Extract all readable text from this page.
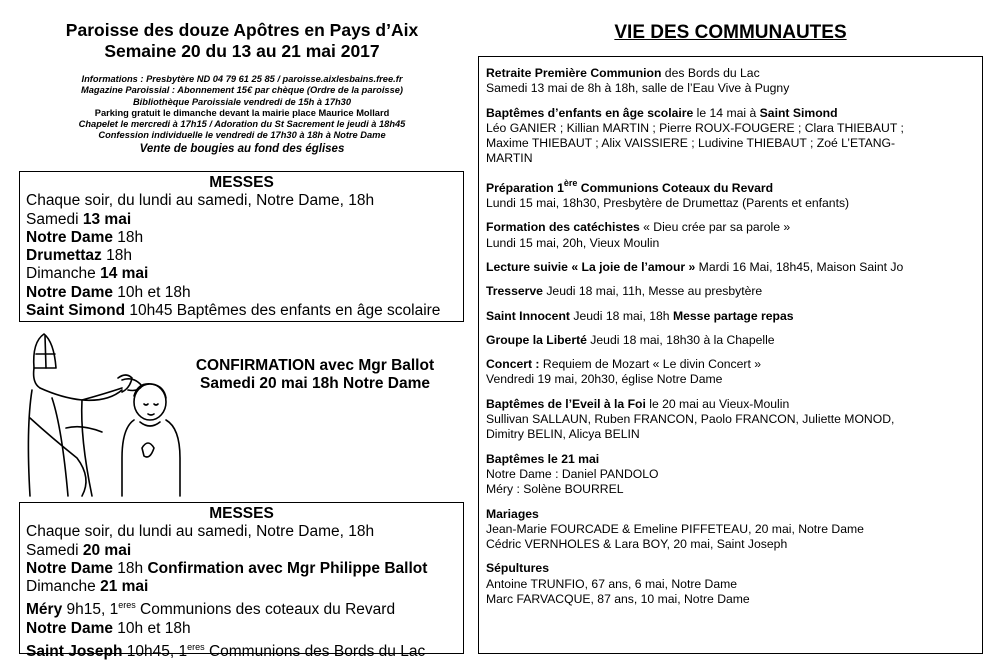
Paroisse des douze Apôtres en Pays d’Aix
Semaine 20 du 13 au 21 mai 2017
Informations : Presbytère ND 04 79 61 25 85 / paroisse.aixlesbains.free.fr
Magazine Paroissial : Abonnement 15€ par chèque (Ordre de la paroisse)
Bibliothèque Paroissiale vendredi de 15h à 17h30
Parking gratuit le dimanche devant la mairie place Maurice Mollard
Chapelet le mercredi à 17h15 / Adoration du St Sacrement le jeudi à 18h45
Confession individuelle le vendredi de 17h30 à 18h à Notre Dame
Vente de bougies au fond des églises
MESSES
Chaque soir, du lundi au samedi, Notre Dame, 18h
Samedi 13 mai
Notre Dame 18h
Drumettaz 18h
Dimanche 14 mai
Notre Dame 10h et 18h
Saint Simond 10h45 Baptêmes des enfants en âge scolaire
CONFIRMATION avec Mgr Ballot
Samedi 20 mai 18h Notre Dame
MESSES
Chaque soir, du lundi au samedi, Notre Dame, 18h
Samedi 20 mai
Notre Dame 18h Confirmation avec Mgr Philippe Ballot
Dimanche 21 mai
Méry 9h15, $1^{eres}$ Communions des coteaux du Revard
Notre Dame 10h et 18h
Saint Joseph 10h45, $1^{eres}$ Communions des Bords du Lac
VIE DES COMMUNAUTES
Retraite Première Communion des Bords du Lac
Samedi 13 mai de 8h à 18h, salle de l’Eau Vive à Pugny
Baptêmes d’enfants en âge scolaire le 14 mai à Saint Simond
Léo GANIER ; Killian MARTIN ; Pierre ROUX-FOUGERE ; Clara THIEBAUT ;
Maxime THIEBAUT ; Alix VAISSIERE ; Ludivine THIEBAUT ; Zoé L’ETANG-
MARTIN
Préparation 1ère Communions Coteaux du Revard
Lundi 15 mai, 18h30, Presbytère de Drumettaz (Parents et enfants)
Formation des catéchistes « Dieu crée par sa parole »
Lundi 15 mai, 20h, Vieux Moulin
Lecture suivie « La joie de l’amour » Mardi 16 Mai, 18h45, Maison Saint Jo
Tresserve Jeudi 18 mai, 11h, Messe au presbytère
Saint Innocent Jeudi 18 mai, 18h Messe partage repas
Groupe la Liberté Jeudi 18 mai, 18h30 à la Chapelle
Concert : Requiem de Mozart « Le divin Concert »
Vendredi 19 mai, 20h30, église Notre Dame
Baptêmes de l’Eveil à la Foi le 20 mai au Vieux-Moulin
Sullivan SALLAUN, Ruben FRANCON, Paolo FRANCON, Juliette MONOD,
Dimitry BELIN, Alicya BELIN
Baptêmes le 21 mai
Notre Dame : Daniel PANDOLO
Méry : Solène BOURREL
Mariages
Jean-Marie FOURCADE & Emeline PIFFETEAU, 20 mai, Notre Dame
Cédric VERNHOLES & Lara BOY, 20 mai, Saint Joseph
Sépultures
Antoine TRUNFIO, 67 ans, 6 mai, Notre Dame
Marc FARVACQUE, 87 ans, 10 mai, Notre Dame
